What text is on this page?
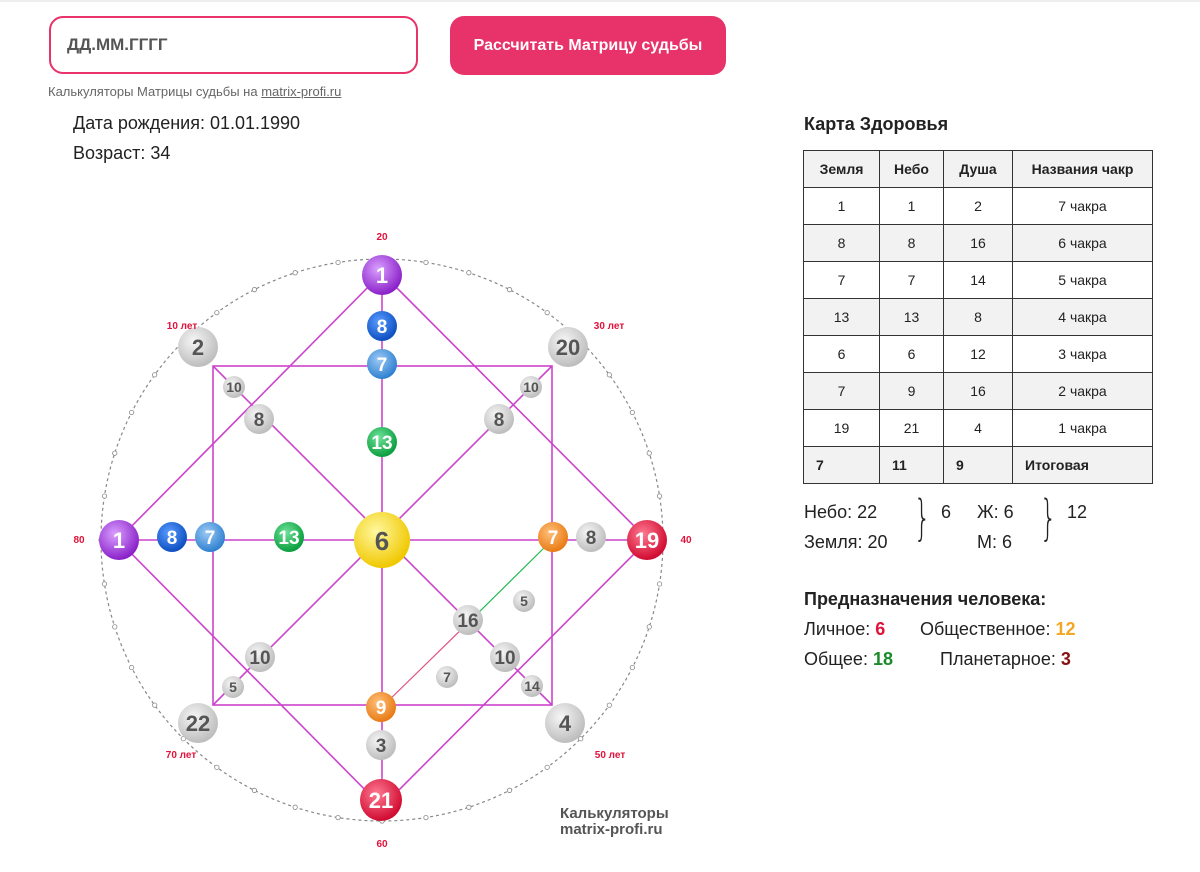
ДД.ММ.ГГГГ
Рассчитать Матрицу судьбы
Калькуляторы Матрицы судьбы на matrix-profi.ru
Дата рождения: 01.01.1990
Возраст: 34
1
8
7
13
1 8 7	13	6	7 8 19
9
3
21
2	20
4
22
10	10
14
5
8	8
10
10
16
5
7
20
30 лет
40
50 лет
60
70 лет
80
10 лет
Калькуляторы
matrix-profi.ru
Карта Здоровья
Земля	Небо	Душа	Названия чакр
1	1	2	7 чакра
8	8	16	6 чакра
7	7	14	5 чакра
13	13	8	4 чакра
6	6	12	3 чакра
7	9	16	2 чакра
19	21	4	1 чакра
7	11	9	Итоговая
Небо: 22
Земля: 20 } 6 Ж: 6
М: 6 } 12
Предназначения человека:
Личное: 6 Общественное: 12
Общее: 18	Планетарное: 3
